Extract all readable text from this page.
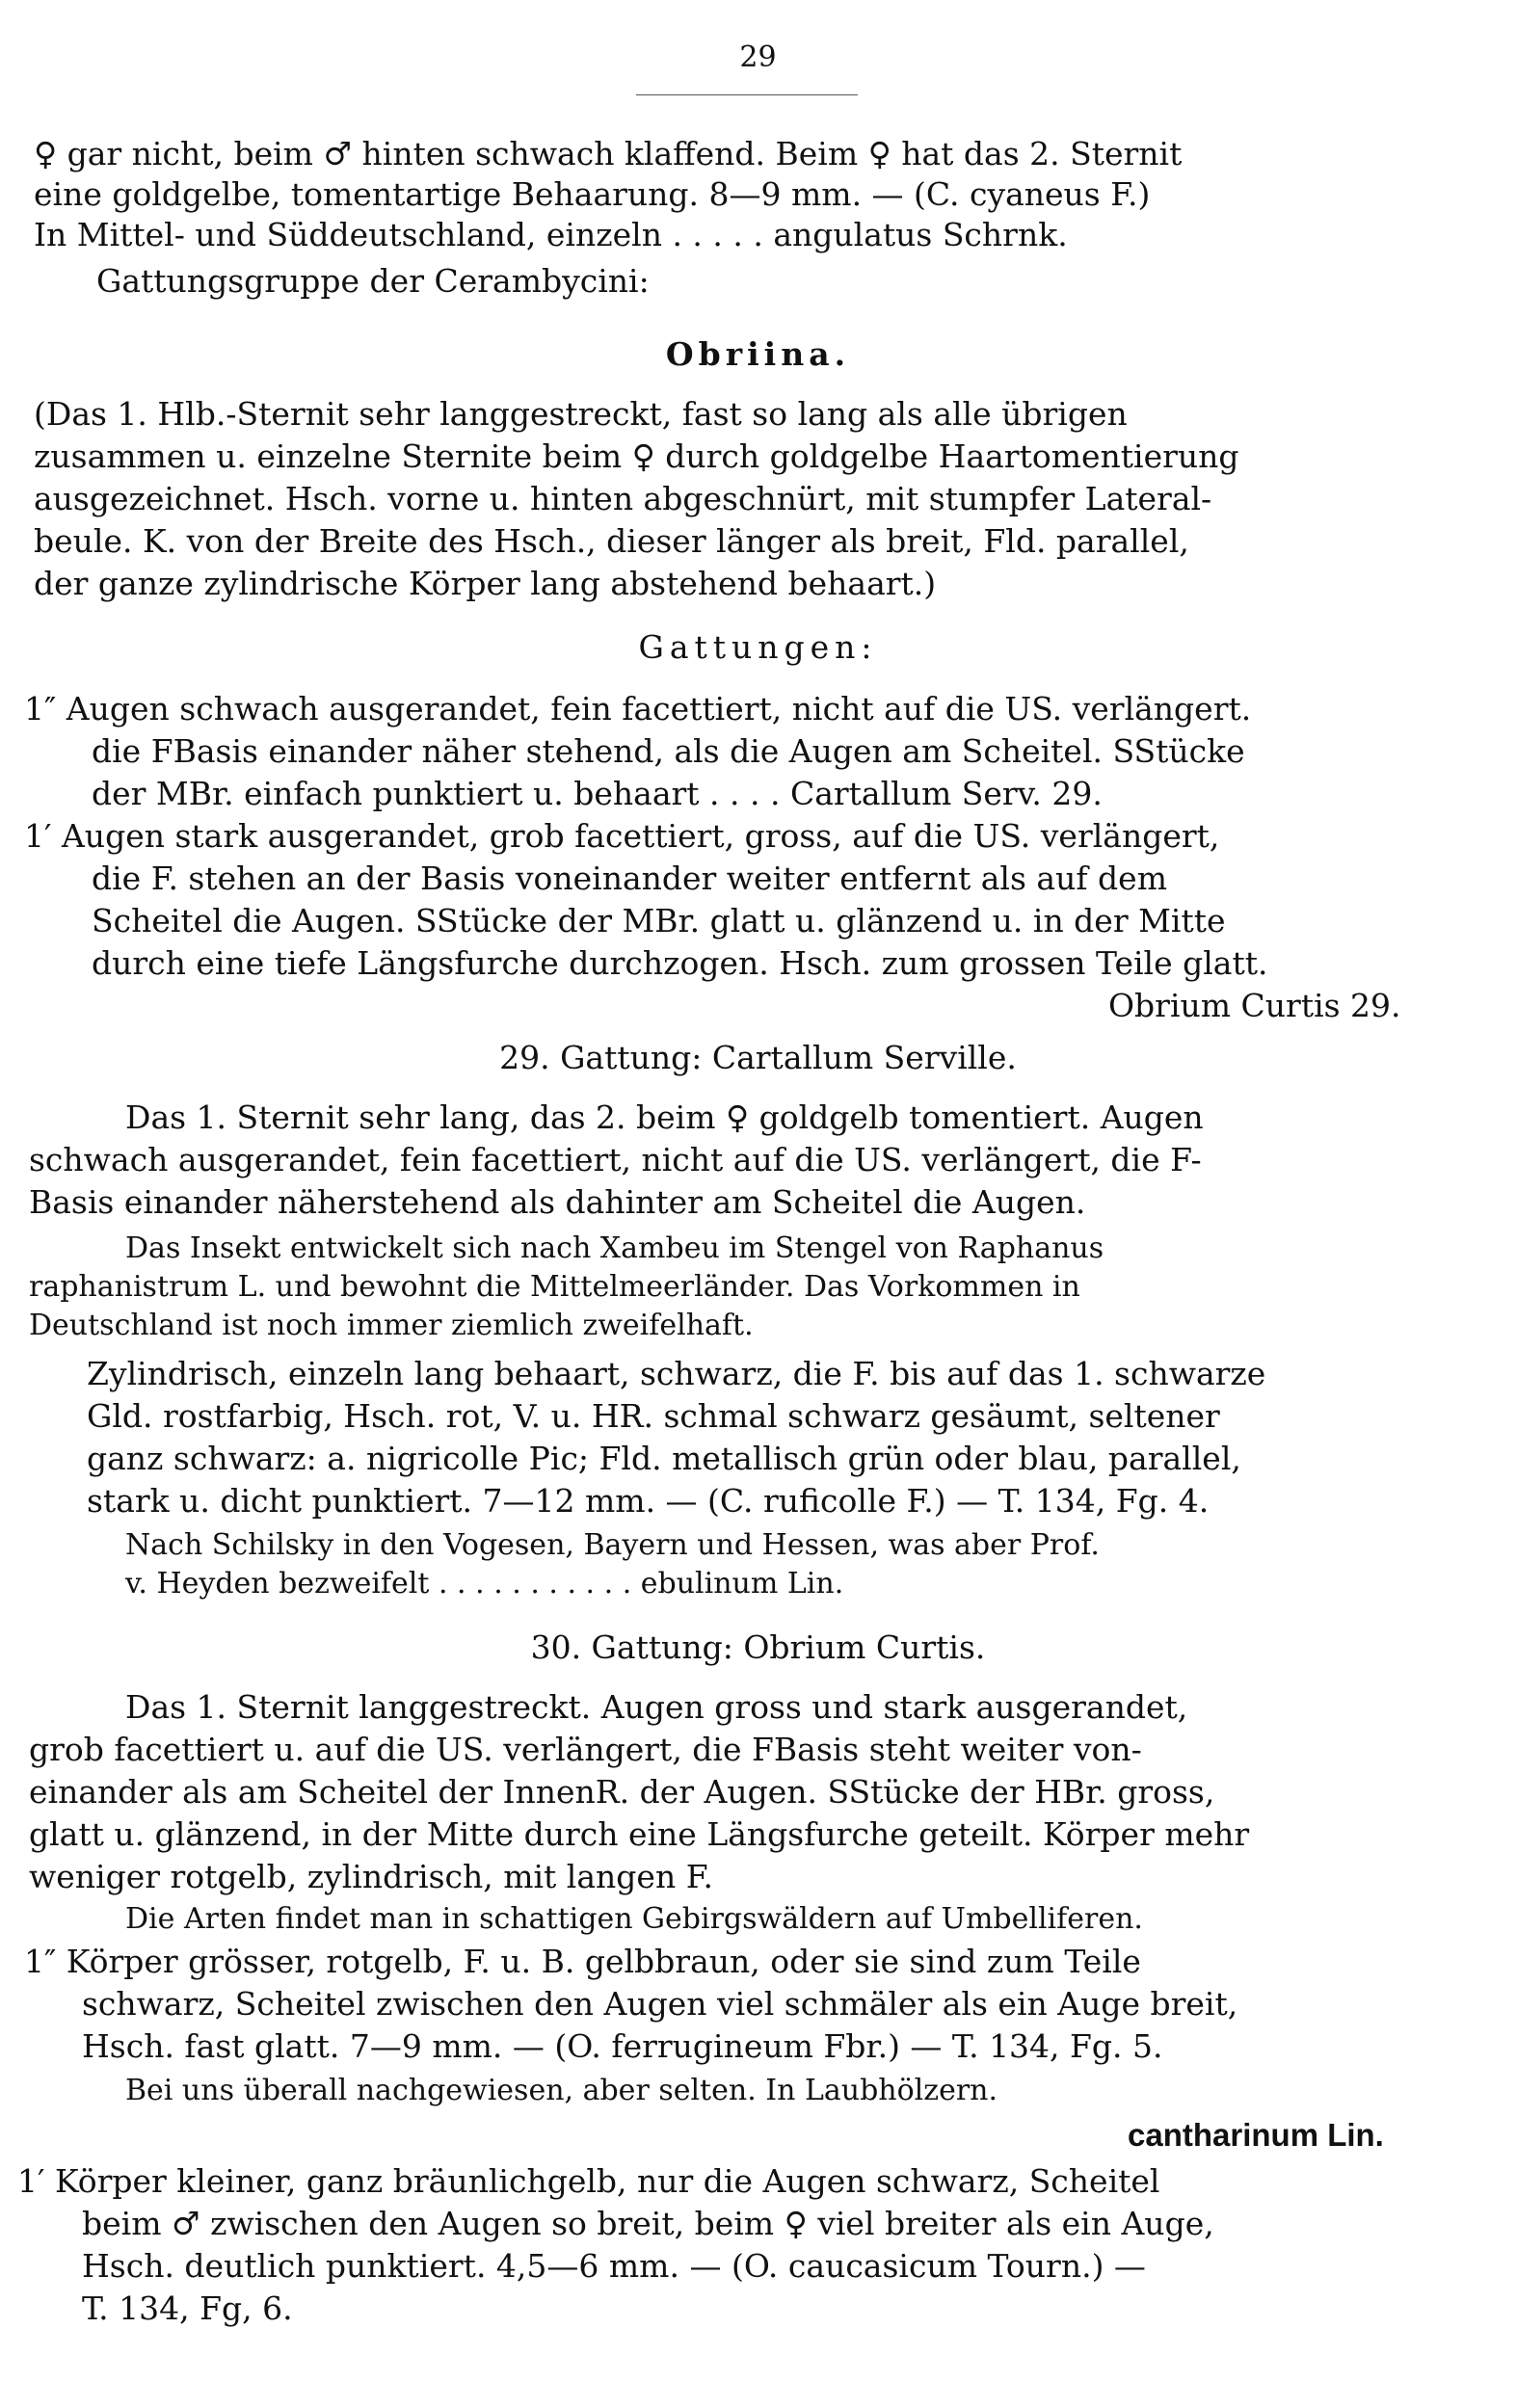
29
♀ gar nicht, beim ♂ hinten schwach klaffend. Beim ♀ hat das 2. Sternit
eine goldgelbe, tomentartige Behaarung. 8—9 mm. — (C. cyaneus F.)
In Mittel- und Süddeutschland, einzeln . . . . . angulatus Schrnk.
Gattungsgruppe der Cerambycini:
Obriina.
(Das 1. Hlb.-Sternit sehr langgestreckt, fast so lang als alle übrigen
zusammen u. einzelne Sternite beim ♀ durch goldgelbe Haartomentierung
ausgezeichnet. Hsch. vorne u. hinten abgeschnürt, mit stumpfer Lateral-
beule. K. von der Breite des Hsch., dieser länger als breit, Fld. parallel,
der ganze zylindrische Körper lang abstehend behaart.)
Gattungen:
1″ Augen schwach ausgerandet, fein facettiert, nicht auf die US. verlängert.
die FBasis einander näher stehend, als die Augen am Scheitel. SStücke
der MBr. einfach punktiert u. behaart . . . . Cartallum Serv. 29.
1′ Augen stark ausgerandet, grob facettiert, gross, auf die US. verlängert,
die F. stehen an der Basis voneinander weiter entfernt als auf dem
Scheitel die Augen. SStücke der MBr. glatt u. glänzend u. in der Mitte
durch eine tiefe Längsfurche durchzogen. Hsch. zum grossen Teile glatt.
Obrium Curtis 29.
29. Gattung: Cartallum Serville.
Das 1. Sternit sehr lang, das 2. beim ♀ goldgelb tomentiert. Augen
schwach ausgerandet, fein facettiert, nicht auf die US. verlängert, die F-
Basis einander näherstehend als dahinter am Scheitel die Augen.
Das Insekt entwickelt sich nach Xambeu im Stengel von Raphanus
raphanistrum L. und bewohnt die Mittelmeerländer. Das Vorkommen in
Deutschland ist noch immer ziemlich zweifelhaft.
Zylindrisch, einzeln lang behaart, schwarz, die F. bis auf das 1. schwarze
Gld. rostfarbig, Hsch. rot, V. u. HR. schmal schwarz gesäumt, seltener
ganz schwarz: a. nigricolle Pic; Fld. metallisch grün oder blau, parallel,
stark u. dicht punktiert. 7—12 mm. — (C. ruficolle F.) — T. 134, Fg. 4.
Nach Schilsky in den Vogesen, Bayern und Hessen, was aber Prof.
v. Heyden bezweifelt . . . . . . . . . . . ebulinum Lin.
30. Gattung: Obrium Curtis.
Das 1. Sternit langgestreckt. Augen gross und stark ausgerandet,
grob facettiert u. auf die US. verlängert, die FBasis steht weiter von-
einander als am Scheitel der InnenR. der Augen. SStücke der HBr. gross,
glatt u. glänzend, in der Mitte durch eine Längsfurche geteilt. Körper mehr
weniger rotgelb, zylindrisch, mit langen F.
Die Arten findet man in schattigen Gebirgswäldern auf Umbelliferen.
1″ Körper grösser, rotgelb, F. u. B. gelbbraun, oder sie sind zum Teile
schwarz, Scheitel zwischen den Augen viel schmäler als ein Auge breit,
Hsch. fast glatt. 7—9 mm. — (O. ferrugineum Fbr.) — T. 134, Fg. 5.
Bei uns überall nachgewiesen, aber selten. In Laubhölzern.
cantharinum Lin.
1′ Körper kleiner, ganz bräunlichgelb, nur die Augen schwarz, Scheitel
beim ♂ zwischen den Augen so breit, beim ♀ viel breiter als ein Auge,
Hsch. deutlich punktiert. 4,5—6 mm. — (O. caucasicum Tourn.) —
T. 134, Fg, 6.
